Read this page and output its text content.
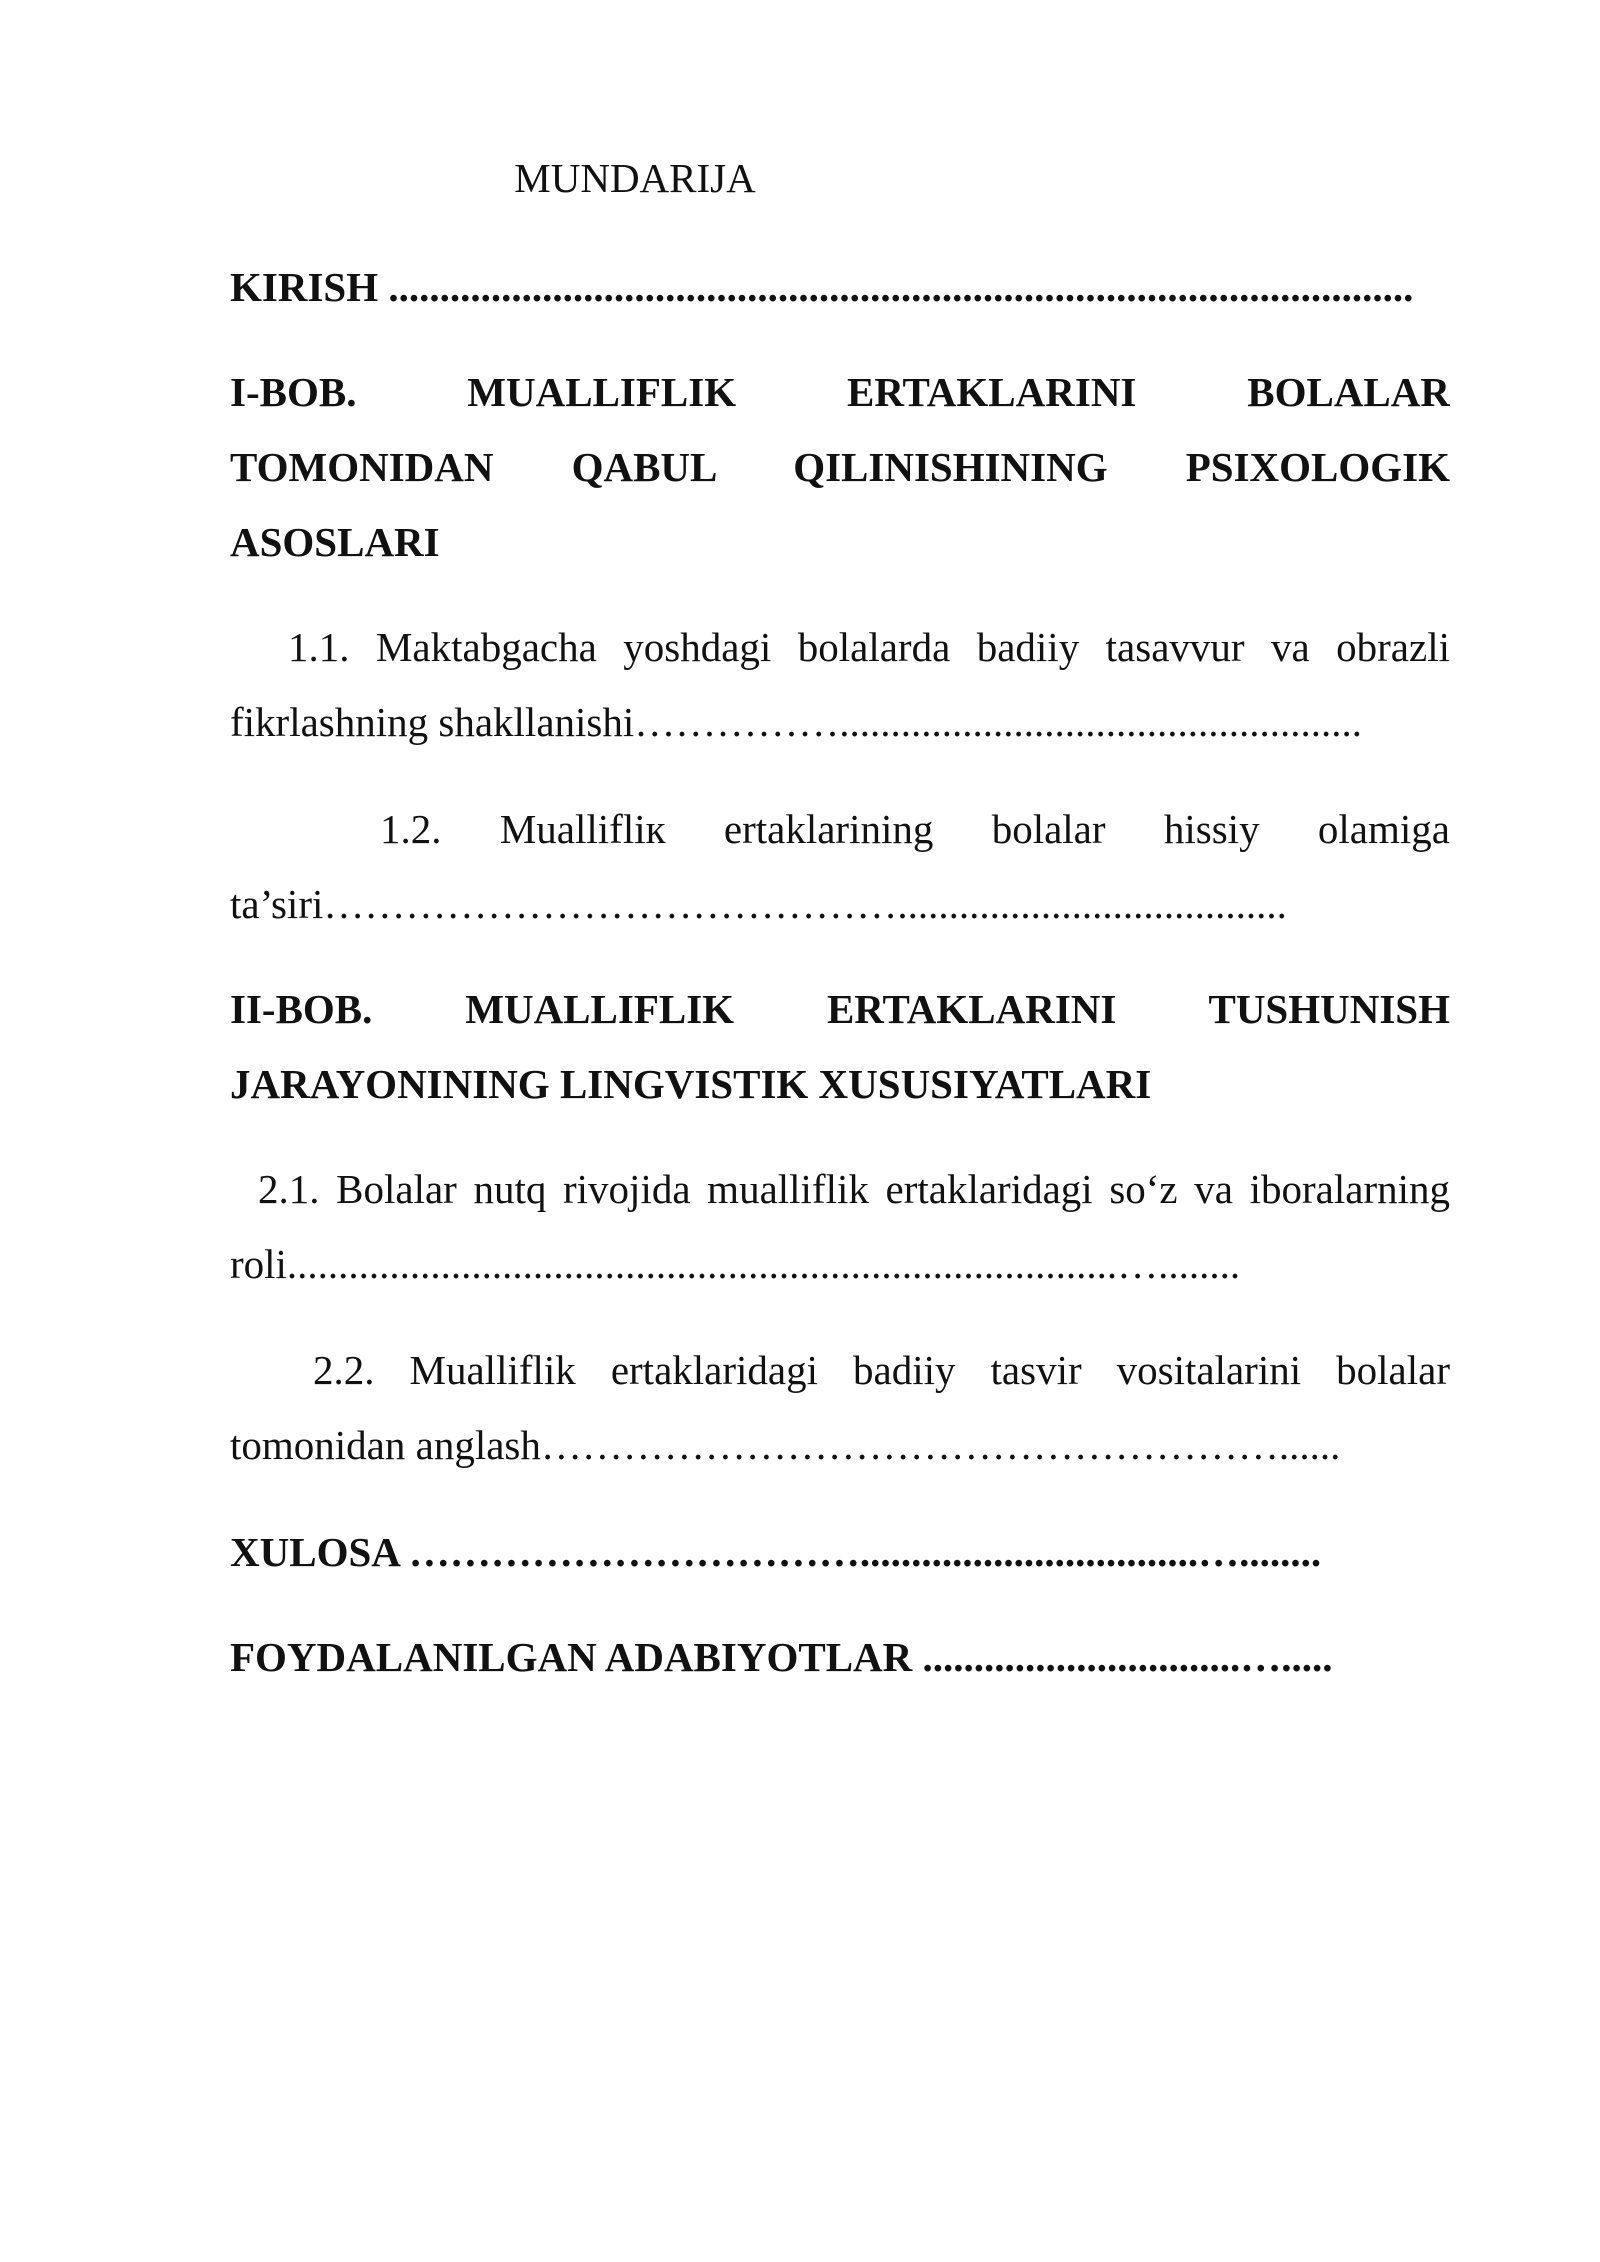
MUNDARIJA
KIRISH ....................................................................................................
I-BOB. MUALLIFLIK ERTAKLARINI BOLALAR
TOMONIDAN QABUL QILINISHINING PSIXOLOGIK
ASOSLARI
1.1. Maktabgacha yoshdagi bolalarda badiiy tasavvur va obrazli
fikrlashning shakllanishi……………...................................................
1.2. Muallifliк ertaklarining bolalar hissiy olamiga
ta’siri……………………………………......................................
II-BOB. MUALLIFLIK ERTAKLARINI TUSHUNISH
JARAYONINING LINGVISTIK XUSUSIYATLARI
2.1. Bolalar nutq rivojida mualliflik ertaklaridagi so‘z va iboralarning
roli.................................................................................…........
2.2. Mualliflik ertaklaridagi badiiy tasvir vositalarini bolalar
tomonidan anglash………………………………………………......
XULOSA …………………………….................................…........
FOYDALANILGAN ADABIYOTLAR ...............................….....
